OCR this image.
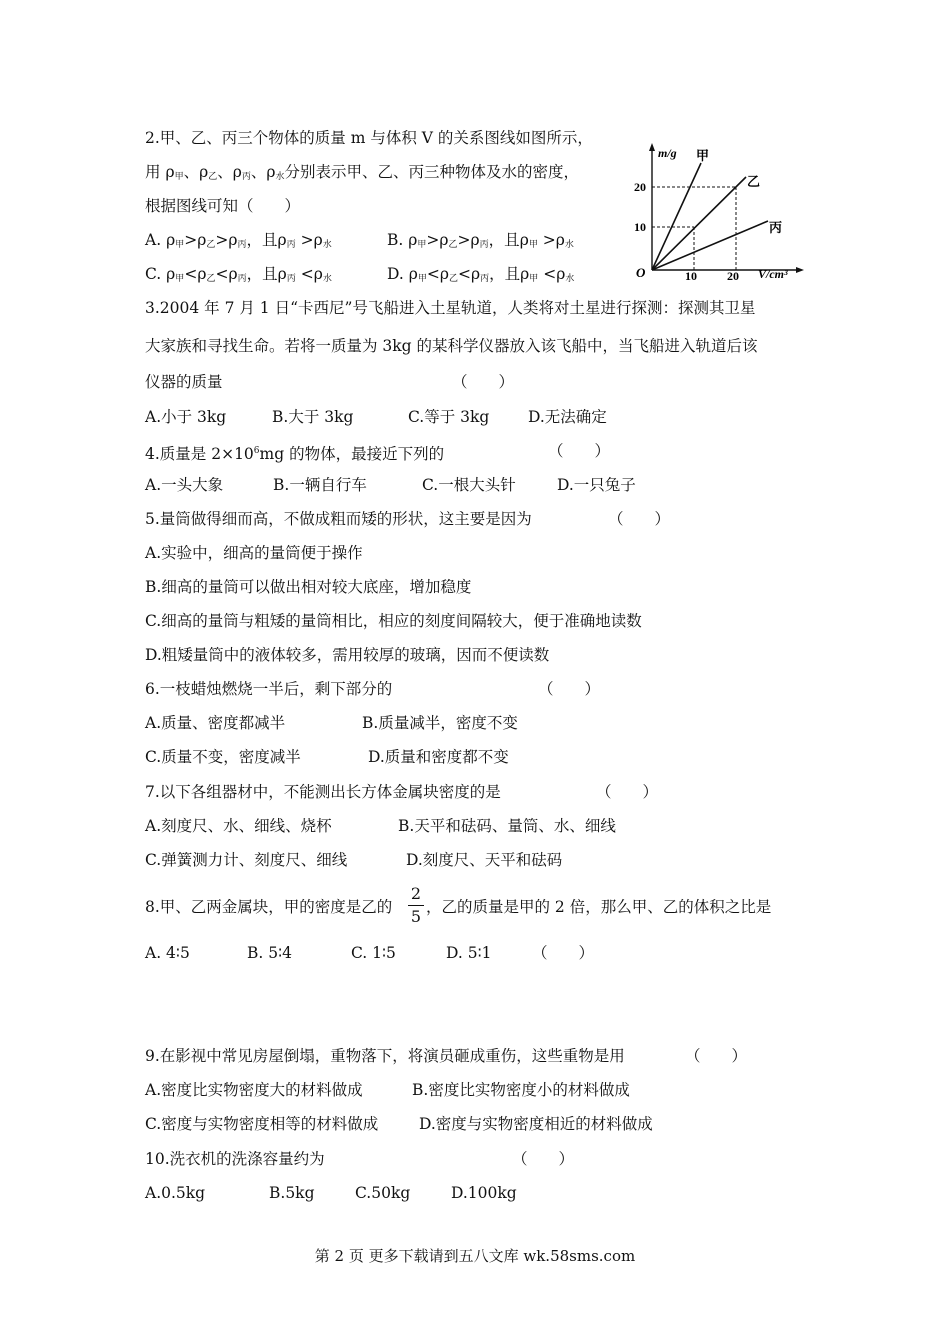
2.甲、乙、丙三个物体的质量 m 与体积 V 的关系图线如图所示，
用 $\rho_甲$、$\rho_乙$、$\rho_丙$、$\rho_水$分别表示甲、乙、丙三种物体及水的密度，
根据图线可知（　　）
A. $\rho_甲>\rho_乙>\rho_丙$，且$\rho_丙 >\rho_水$	B. $\rho_甲>\rho_乙>\rho_丙$，且$\rho_甲 >\rho_水$
C. $\rho_甲<\rho_乙<\rho_丙$，且$\rho_丙 <\rho_水$	D. $\rho_甲<\rho_乙<\rho_丙$，且$\rho_甲 <\rho_水$
m/g
V/cm³
O
10
20
10	20
甲
乙
丙
3.2004 年 7 月 1 日“卡西尼”号飞船进入土星轨道，人类将对土星进行探测：探测其卫星
大家族和寻找生命。若将一质量为 3kg 的某科学仪器放入该飞船中，当飞船进入轨道后该
仪器的质量	（　　）
A.小于 3kg	B.大于 3kg	C.等于 3kg D.无法确定
4.质量是 $2\times 10^6mg$ 的物体，最接近下列的	（　　）
A.一头大象	B.一辆自行车	C.一根大头针	D.一只兔子
5.量筒做得细而高，不做成粗而矮的形状，这主要是因为	（　　）
A.实验中，细高的量筒便于操作
B.细高的量筒可以做出相对较大底座，增加稳度
C.细高的量筒与粗矮的量筒相比，相应的刻度间隔较大，便于准确地读数
D.粗矮量筒中的液体较多，需用较厚的玻璃，因而不便读数
6.一枝蜡烛燃烧一半后，剩下部分的	（　　）
A.质量、密度都减半	B.质量减半，密度不变
C.质量不变，密度减半	D.质量和密度都不变
7.以下各组器材中，不能测出长方体金属块密度的是	（　　）
A.刻度尺、水、细线、烧杯	B.天平和砝码、量筒、水、细线
C.弹簧测力计、刻度尺、细线	D.刻度尺、天平和砝码
8.甲、乙两金属块，甲的密度是乙的
2
5 ，乙的质量是甲的 2 倍，那么甲、乙的体积之比是
A. 4∶5	B. 5∶4	C. 1∶5	D. 5∶1	（　　）
9.在影视中常见房屋倒塌，重物落下，将演员砸成重伤，这些重物是用	（　　）
A.密度比实物密度大的材料做成	B.密度比实物密度小的材料做成
C.密度与实物密度相等的材料做成	D.密度与实物密度相近的材料做成
10.洗衣机的洗涤容量约为	（　　）
A.0.5kg	B.5kg	C.50kg	D.100kg
第 2 页 更多下载请到五八文库 wk.58sms.com
